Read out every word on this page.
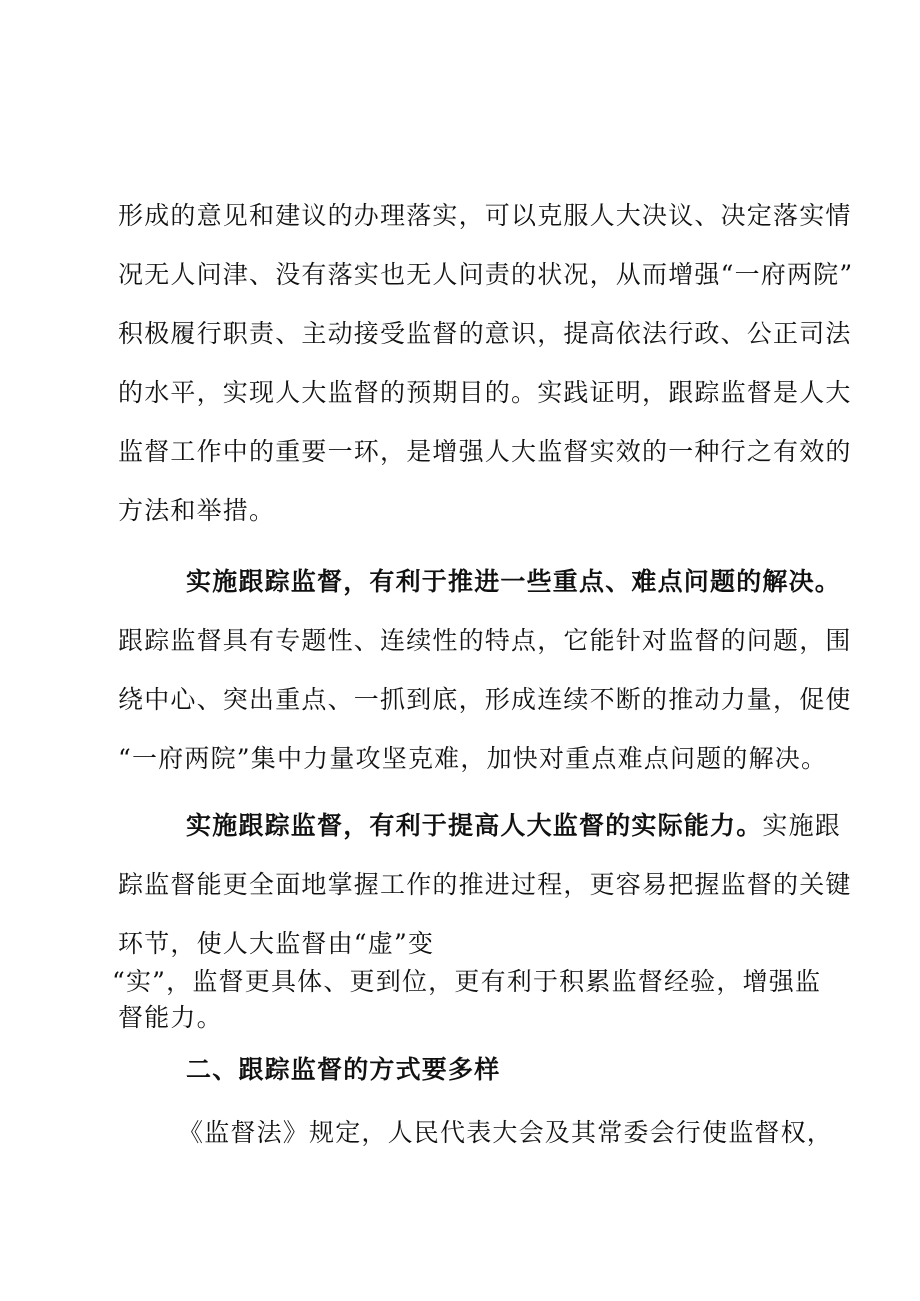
形成的意见和建议的办理落实，可以克服人大决议、决定落实情
况无人问津、没有落实也无人问责的状况，从而增强“一府两院”
积极履行职责、主动接受监督的意识，提高依法行政、公正司法
的水平，实现人大监督的预期目的。实践证明，跟踪监督是人大
监督工作中的重要一环，是增强人大监督实效的一种行之有效的
方法和举措。
实施跟踪监督，有利于推进一些重点、难点问题的解决。
跟踪监督具有专题性、连续性的特点，它能针对监督的问题，围
绕中心、突出重点、一抓到底，形成连续不断的推动力量，促使
“一府两院”集中力量攻坚克难，加快对重点难点问题的解决。
实施跟踪监督，有利于提高人大监督的实际能力。实施跟
踪监督能更全面地掌握工作的推进过程，更容易把握监督的关键
环节，使人大监督由“虚”变
“实”，监督更具体、更到位，更有利于积累监督经验，增强监
督能力。
二、跟踪监督的方式要多样
《监督法》规定，人民代表大会及其常委会行使监督权，
